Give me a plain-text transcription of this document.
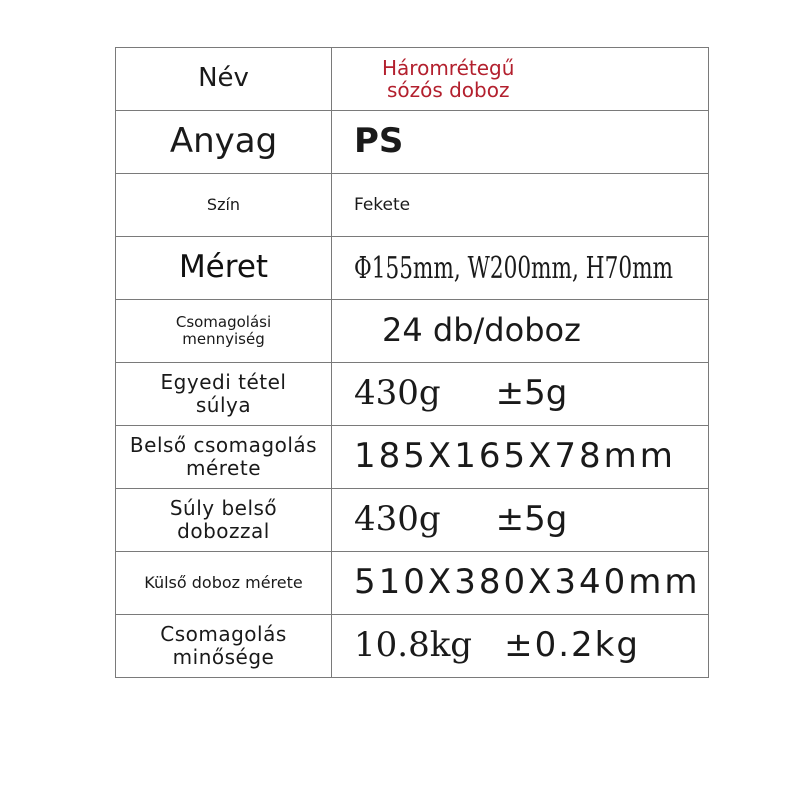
Név	Háromrétegű
sózós doboz
Anyag	PS
Szín	Fekete
Méret	Φ155mm, W200mm, H70mm
Csomagolási
mennyiség	24 db/doboz
Egyedi tétel
súlya	430g ±5g
Belső csomagolás
mérete	185X165X78mm
Súly belső
dobozzal	430g ±5g
Külső doboz mérete	510X380X340mm
Csomagolás
minősége	10.8kg ±0.2kg
